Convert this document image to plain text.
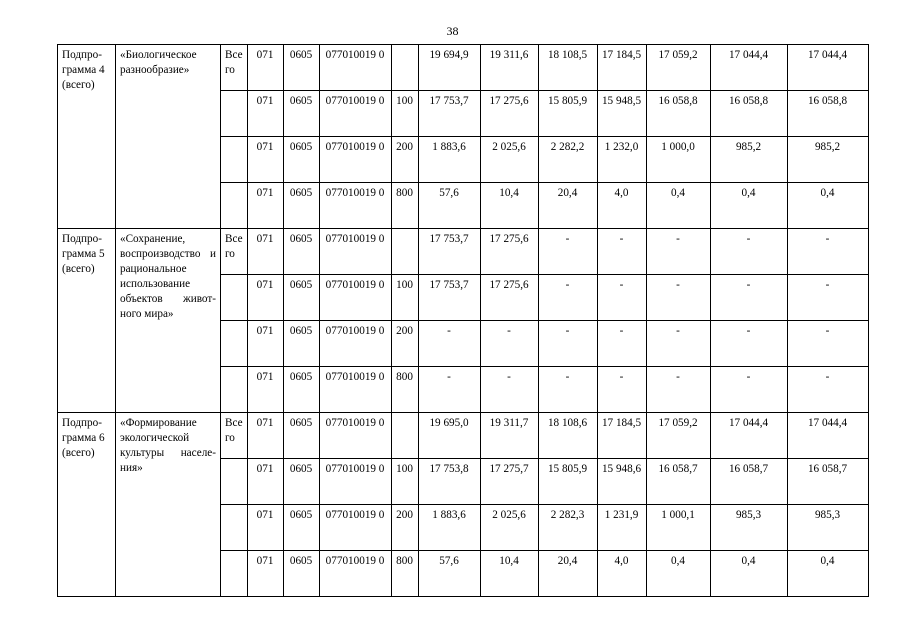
38
Подпро-грамма 4 (всего)	«Биологическое разнообразие»	Все го	071	0605	077010019 0		19 694,9	19 311,6	18 108,5	17 184,5	17 059,2	17 044,4	17 044,4
			071	0605	077010019 0	100	17 753,7	17 275,6	15 805,9	15 948,5	16 058,8	16 058,8	16 058,8
			071	0605	077010019 0	200	1 883,6	2 025,6	2 282,2	1 232,0	1 000,0	985,2	985,2
			071	0605	077010019 0	800	57,6	10,4	20,4	4,0	0,4	0,4	0,4
Подпро-грамма 5 (всего)	«Сохранение, воспроизводство и рациональное использование объектов живот-ного мира»	Все го	071	0605	077010019 0		17 753,7	17 275,6	-	-	-	-	-
			071	0605	077010019 0	100	17 753,7	17 275,6	-	-	-	-	-
			071	0605	077010019 0	200	-	-	-	-	-	-	-
			071	0605	077010019 0	800	-	-	-	-	-	-	-
Подпро-грамма 6 (всего)	«Формирование экологической культуры населе-ния»	Все го	071	0605	077010019 0		19 695,0	19 311,7	18 108,6	17 184,5	17 059,2	17 044,4	17 044,4
			071	0605	077010019 0	100	17 753,8	17 275,7	15 805,9	15 948,6	16 058,7	16 058,7	16 058,7
			071	0605	077010019 0	200	1 883,6	2 025,6	2 282,3	1 231,9	1 000,1	985,3	985,3
			071	0605	077010019 0	800	57,6	10,4	20,4	4,0	0,4	0,4	0,4
